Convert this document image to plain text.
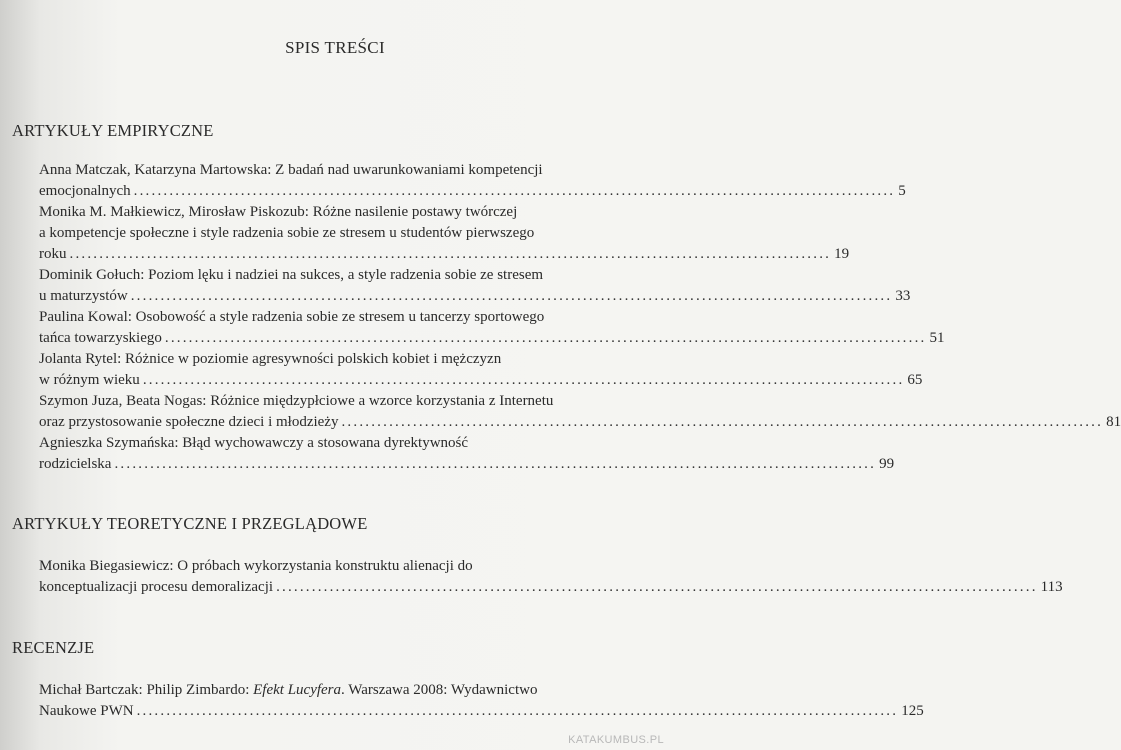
SPIS TREŚCI
ARTYKUŁY EMPIRYCZNE
Anna Matczak, Katarzyna Martowska: Z badań nad uwarunkowaniami kompetencji
emocjonalnych ................................................................................................................................ 5
Monika M. Małkiewicz, Mirosław Piskozub: Różne nasilenie postawy twórczej
a kompetencje społeczne i style radzenia sobie ze stresem u studentów pierwszego
roku ................................................................................................................................ 19
Dominik Gołuch: Poziom lęku i nadziei na sukces, a style radzenia sobie ze stresem
u maturzystów ................................................................................................................................ 33
Paulina Kowal: Osobowość a style radzenia sobie ze stresem u tancerzy sportowego
tańca towarzyskiego ................................................................................................................................ 51
Jolanta Rytel: Różnice w poziomie agresywności polskich kobiet i mężczyzn
w różnym wieku ................................................................................................................................ 65
Szymon Juza, Beata Nogas: Różnice międzypłciowe a wzorce korzystania z Internetu
oraz przystosowanie społeczne dzieci i młodzieży ................................................................................................................................ 81
Agnieszka Szymańska: Błąd wychowawczy a stosowana dyrektywność
rodzicielska ................................................................................................................................ 99
ARTYKUŁY TEORETYCZNE I PRZEGLĄDOWE
Monika Biegasiewicz: O próbach wykorzystania konstruktu alienacji do
konceptualizacji procesu demoralizacji ................................................................................................................................ 113
RECENZJE
Michał Bartczak: Philip Zimbardo: Efekt Lucyfera. Warszawa 2008: Wydawnictwo
Naukowe PWN ................................................................................................................................ 125
KATAKUMBUS.PL
